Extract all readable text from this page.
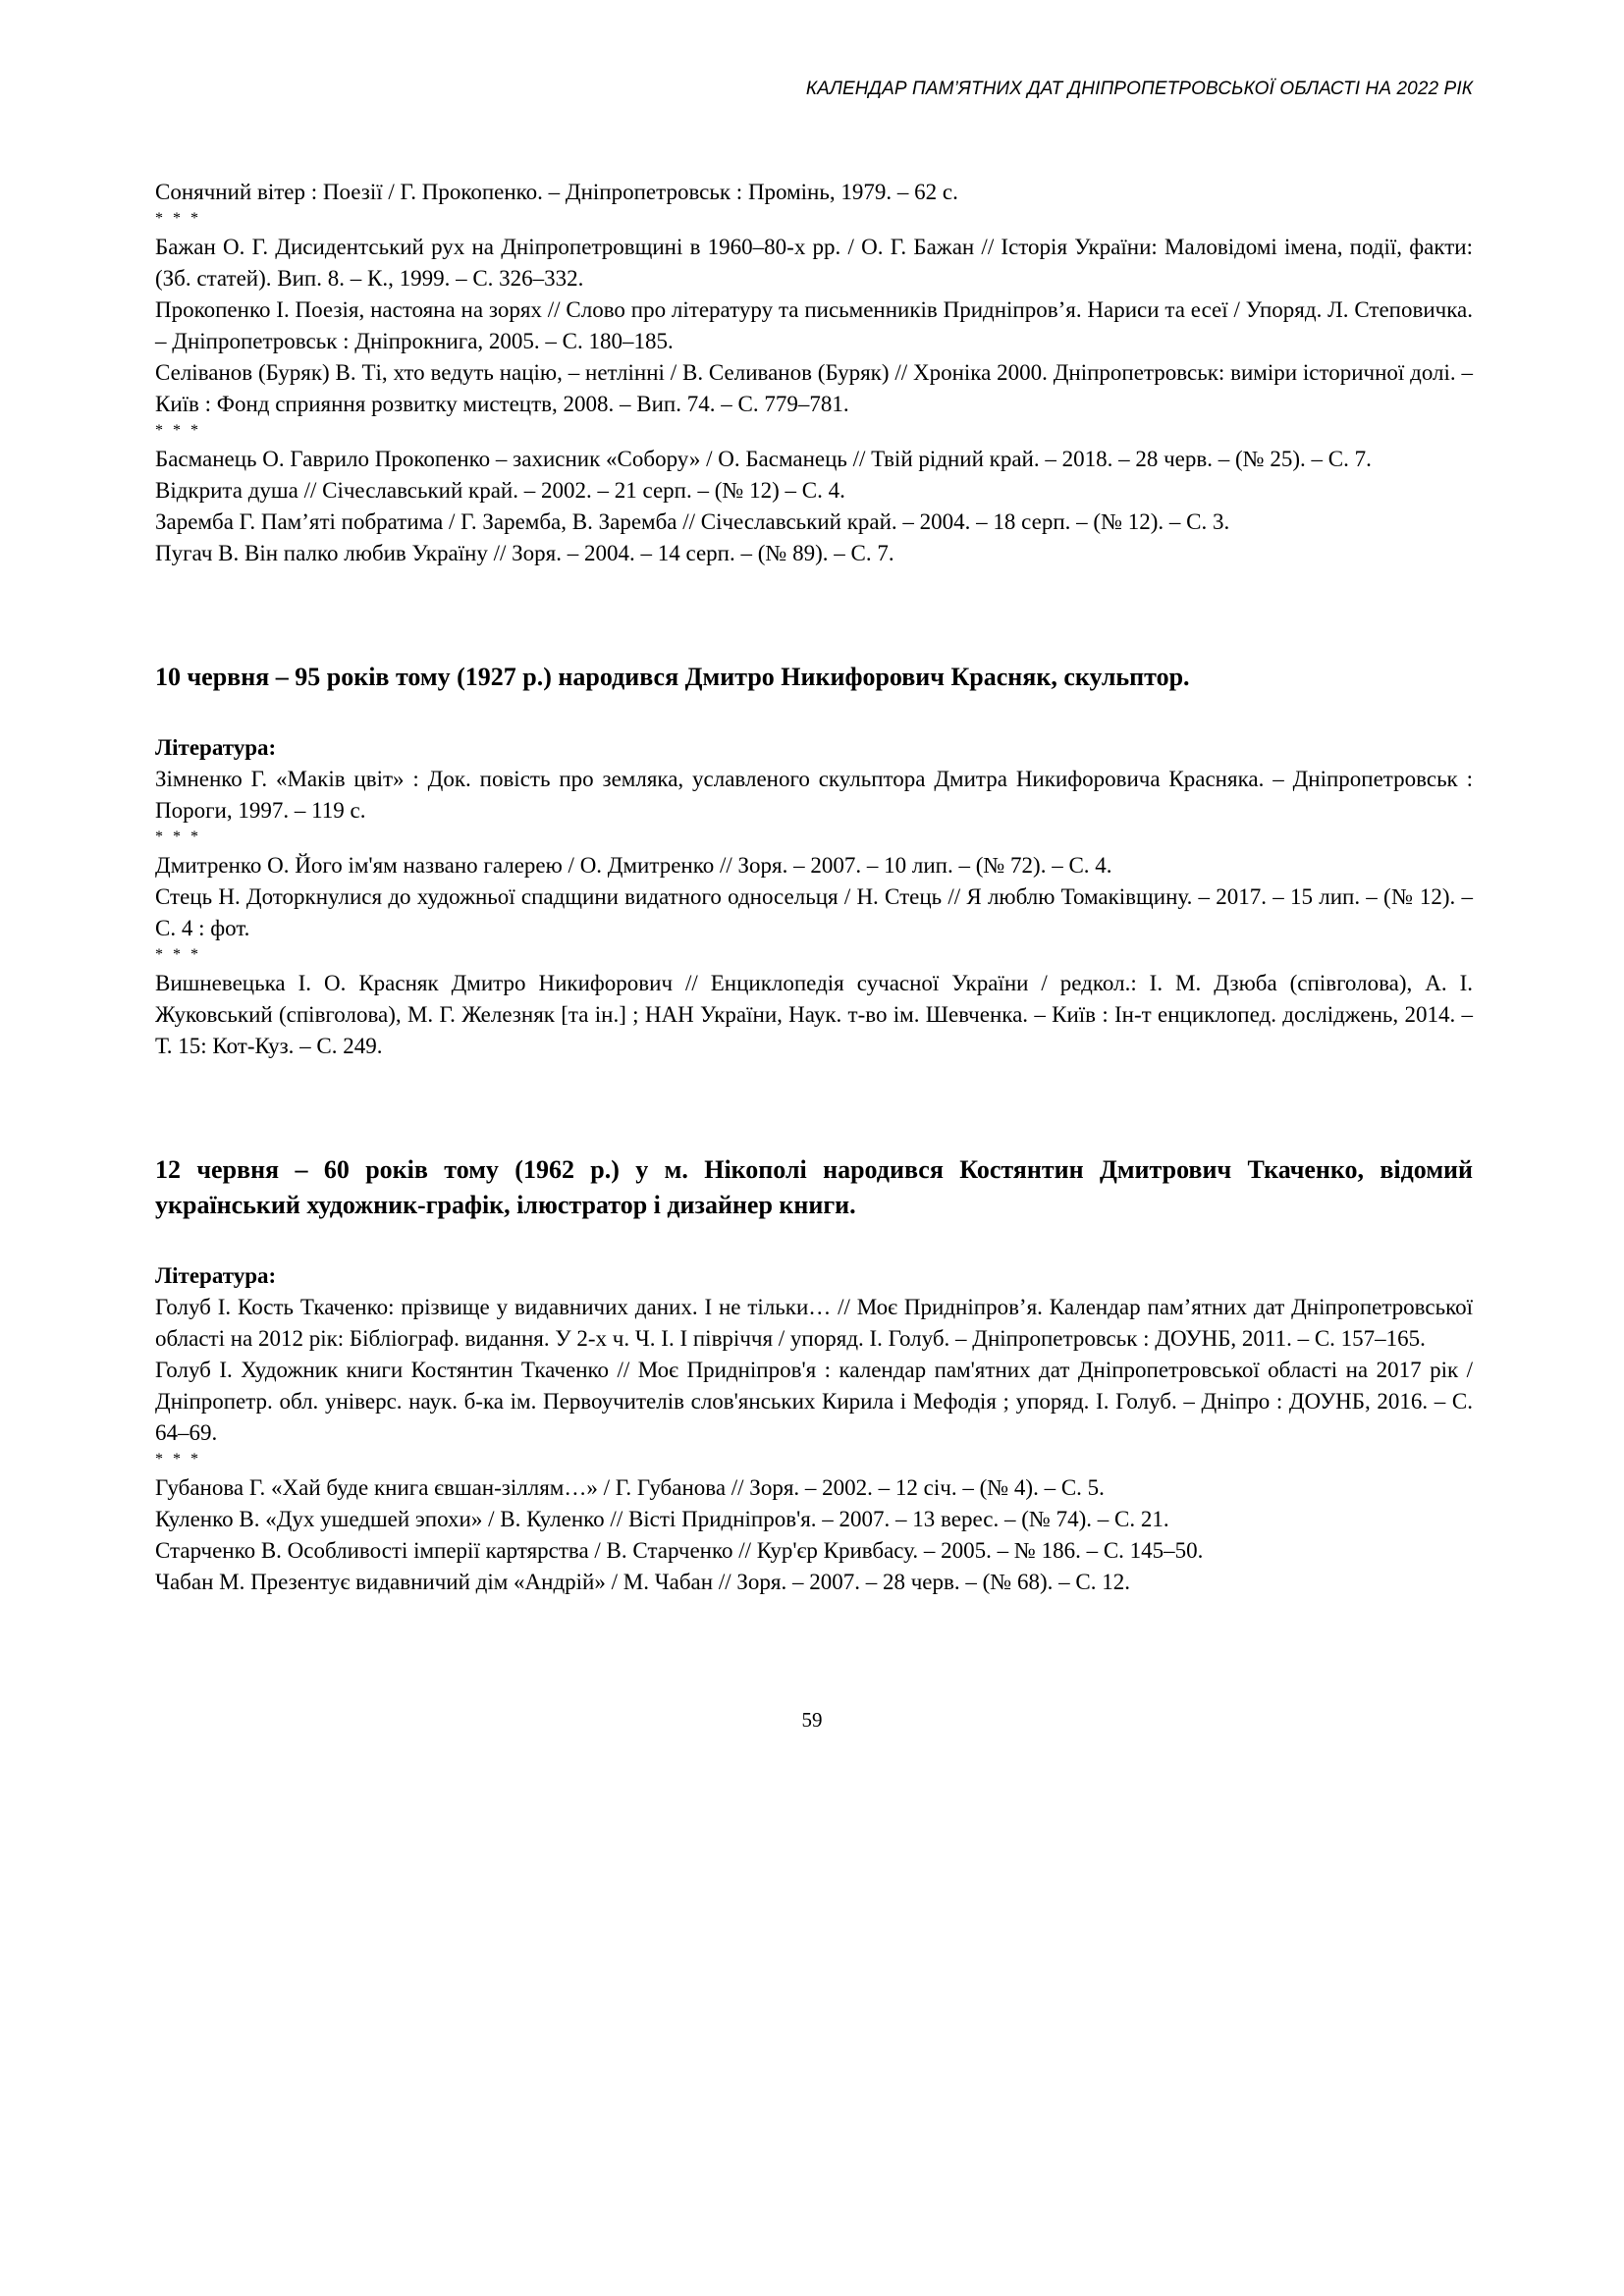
КАЛЕНДАР ПАМ’ЯТНИХ ДАТ ДНІПРОПЕТРОВСЬКОЇ ОБЛАСТІ НА 2022 РІК

Сонячний вітер : Поезії / Г. Прокопенко. – Дніпропетровськ : Промінь, 1979. – 62 с.

* * *

Бажан О. Г. Дисидентський рух на Дніпропетровщині в 1960–80-х рр. / О. Г. Бажан // Історія України: Маловідомі імена, події, факти: (Зб. статей). Вип. 8. – К., 1999. – С. 326–332.

Прокопенко І. Поезія, настояна на зорях // Слово про літературу та письменників Придніпров’я. Нариси та есеї / Упоряд. Л. Степовичка. – Дніпропетровськ : Дніпрокнига, 2005. – С. 180–185.

Селіванов (Буряк) В. Ті, хто ведуть націю, – нетлінні / В. Селиванов (Буряк) // Хроніка 2000. Дніпропетровськ: виміри історичної долі. – Київ : Фонд сприяння розвитку мистецтв, 2008. – Вип. 74. – С. 779–781.

* * *

Басманець О. Гаврило Прокопенко – захисник «Собору» / О. Басманець // Твій рідний край. – 2018. – 28 черв. – (№ 25). – С. 7.

Відкрита душа // Січеславський край. – 2002. – 21 серп. – (№ 12) – С. 4.

Заремба Г. Пам’яті побратима / Г. Заремба, В. Заремба // Січеславський край. – 2004. – 18 серп. – (№ 12). – С. 3.

Пугач В. Він палко любив Україну // Зоря. – 2004. – 14 серп. – (№ 89). – С. 7.

10 червня – 95 років тому (1927 р.) народився Дмитро Никифорович Красняк, скульптор.

Література:

Зімненко Г. «Маків цвіт» : Док. повість про земляка, уславленого скульптора Дмитра Никифоровича Красняка. – Дніпропетровськ : Пороги, 1997. – 119 с.

* * *

Дмитренко О. Його ім'ям названо галерею / О. Дмитренко // Зоря. – 2007. – 10 лип. – (№ 72). – С. 4.

Стець Н. Доторкнулися до художньої спадщини видатного односельця / Н. Стець // Я люблю Томаківщину. – 2017. – 15 лип. – (№ 12). – С. 4 : фот.

* * *

Вишневецька І. О. Красняк Дмитро Никифорович // Енциклопедія сучасної України / редкол.: І. М. Дзюба (співголова), А. І. Жуковський (співголова), М. Г. Железняк [та ін.] ; НАН України, Наук. т-во ім. Шевченка. – Київ : Ін-т енциклопед. досліджень, 2014. – Т. 15: Кот-Куз. – С. 249.

12 червня – 60 років тому (1962 р.) у м. Нікополі народився Костянтин Дмитрович Ткаченко, відомий український художник-графік, ілюстратор і дизайнер книги.

Література:

Голуб І. Кость Ткаченко: прізвище у видавничих даних. І не тільки… // Моє Придніпров’я. Календар пам’ятних дат Дніпропетровської області на 2012 рік: Бібліограф. видання. У 2-х ч. Ч. І. І півріччя / упоряд. І. Голуб. – Дніпропетровськ : ДОУНБ, 2011. – С. 157–165.

Голуб І. Художник книги Костянтин Ткаченко // Моє Придніпров'я : календар пам'ятних дат Дніпропетровської області на 2017 рік / Дніпропетр. обл. універс. наук. б-ка ім. Первоучителів слов'янських Кирила і Мефодія ; упоряд. І. Голуб. – Дніпро : ДОУНБ, 2016. – С. 64–69.

* * *

Губанова Г. «Хай буде книга євшан-зіллям…» / Г. Губанова // Зоря. – 2002. – 12 січ. – (№ 4). – С. 5.

Куленко В. «Дух ушедшей эпохи» / В. Куленко // Вісті Придніпров'я. – 2007. – 13 верес. – (№ 74). – С. 21.

Старченко В. Особливості імперії картярства / В. Старченко // Кур'єр Кривбасу. – 2005. – № 186. – С. 145–50.

Чабан М. Презентує видавничий дім «Андрій» / М. Чабан // Зоря. – 2007. – 28 черв. – (№ 68). – С. 12.

59
